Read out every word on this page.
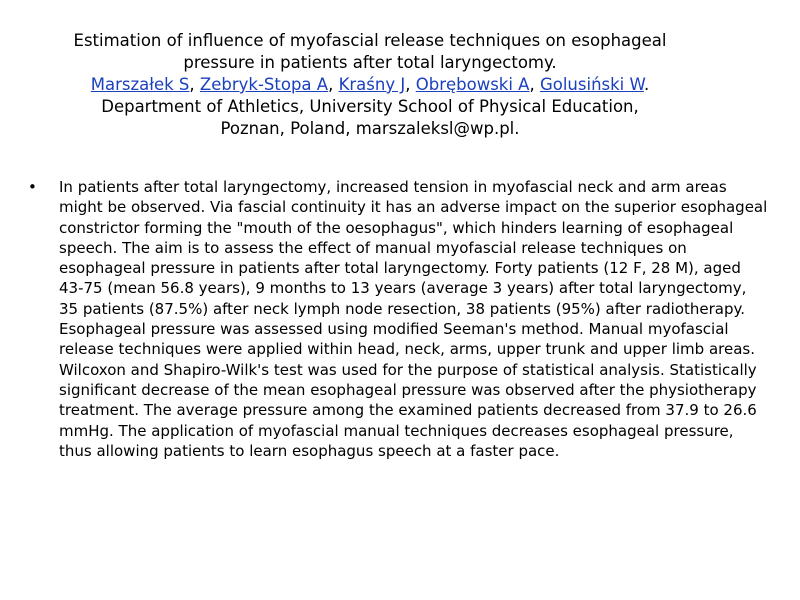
Estimation of influence of myofascial release techniques on esophageal
pressure in patients after total laryngectomy.
Marszałek S, Zebryk-Stopa A, Kraśny J, Obrębowski A, Golusiński W.
Department of Athletics, University School of Physical Education,
Poznan, Poland, marszaleksl@wp.pl.
• In patients after total laryngectomy, increased tension in myofascial neck and arm areas might be observed. Via fascial continuity it has an adverse impact on the superior esophageal constrictor forming the "mouth of the oesophagus", which hinders learning of esophageal speech. The aim is to assess the effect of manual myofascial release techniques on esophageal pressure in patients after total laryngectomy. Forty patients (12 F, 28 M), aged 43-75 (mean 56.8 years), 9 months to 13 years (average 3 years) after total laryngectomy, 35 patients (87.5%) after neck lymph node resection, 38 patients (95%) after radiotherapy. Esophageal pressure was assessed using modified Seeman's method. Manual myofascial release techniques were applied within head, neck, arms, upper trunk and upper limb areas. Wilcoxon and Shapiro-Wilk's test was used for the purpose of statistical analysis. Statistically significant decrease of the mean esophageal pressure was observed after the physiotherapy treatment. The average pressure among the examined patients decreased from 37.9 to 26.6 mmHg. The application of myofascial manual techniques decreases esophageal pressure, thus allowing patients to learn esophagus speech at a faster pace.
